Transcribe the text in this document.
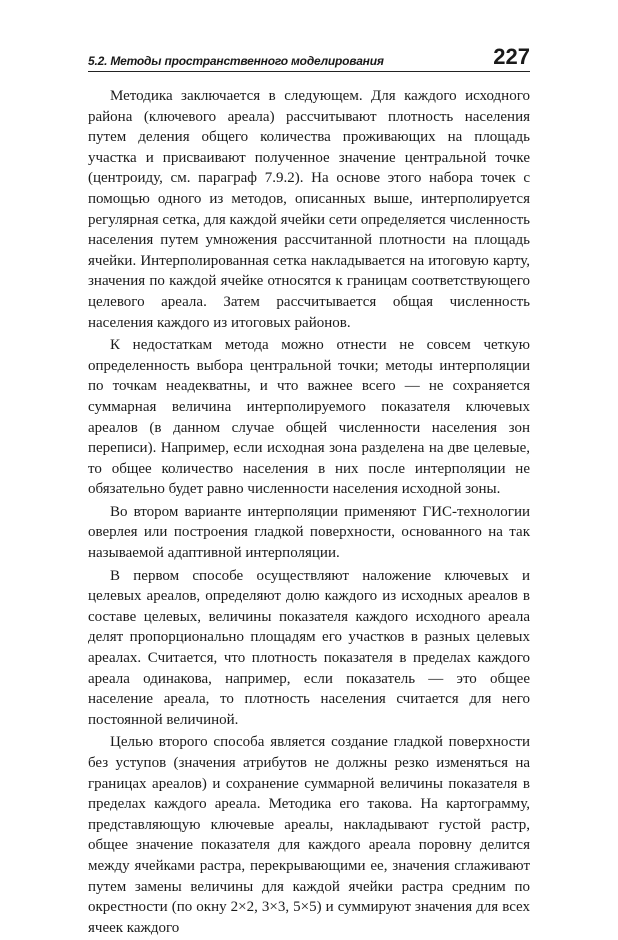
5.2. Методы пространственного моделирования	227

Методика заключается в следующем. Для каждого исходного района (ключевого ареала) рассчитывают плотность населения путем деления общего количества проживающих на площадь участка и присваивают полученное значение центральной точке (центроиду, см. параграф 7.9.2). На основе этого набора точек с помощью одного из методов, описанных выше, интерполируется регулярная сетка, для каждой ячейки сети определяется численность населения путем умножения рассчитанной плотности на площадь ячейки. Интерполированная сетка накладывается на итоговую карту, значения по каждой ячейке относятся к границам соответствующего целевого ареала. Затем рассчитывается общая численность населения каждого из итоговых районов.

К недостаткам метода можно отнести не совсем четкую определенность выбора центральной точки; методы интерполяции по точкам неадекватны, и что важнее всего — не сохраняется суммарная величина интерполируемого показателя ключевых ареалов (в данном случае общей численности населения зон переписи). Например, если исходная зона разделена на две целевые, то общее количество населения в них после интерполяции не обязательно будет равно численности населения исходной зоны.

Во втором варианте интерполяции применяют ГИС-технологии оверлея или построения гладкой поверхности, основанного на так называемой адаптивной интерполяции.

В первом способе осуществляют наложение ключевых и целевых ареалов, определяют долю каждого из исходных ареалов в составе целевых, величины показателя каждого исходного ареала делят пропорционально площадям его участков в разных целевых ареалах. Считается, что плотность показателя в пределах каждого ареала одинакова, например, если показатель — это общее население ареала, то плотность населения считается для него постоянной величиной.

Целью второго способа является создание гладкой поверхности без уступов (значения атрибутов не должны резко изменяться на границах ареалов) и сохранение суммарной величины показателя в пределах каждого ареала. Методика его такова. На картограмму, представляющую ключевые ареалы, накладывают густой растр, общее значение показателя для каждого ареала поровну делится между ячейками растра, перекрывающими ее, значения сглаживают путем замены величины для каждой ячейки растра средним по окрестности (по окну 2×2, 3×3, 5×5) и суммируют значения для всех ячеек каждого
